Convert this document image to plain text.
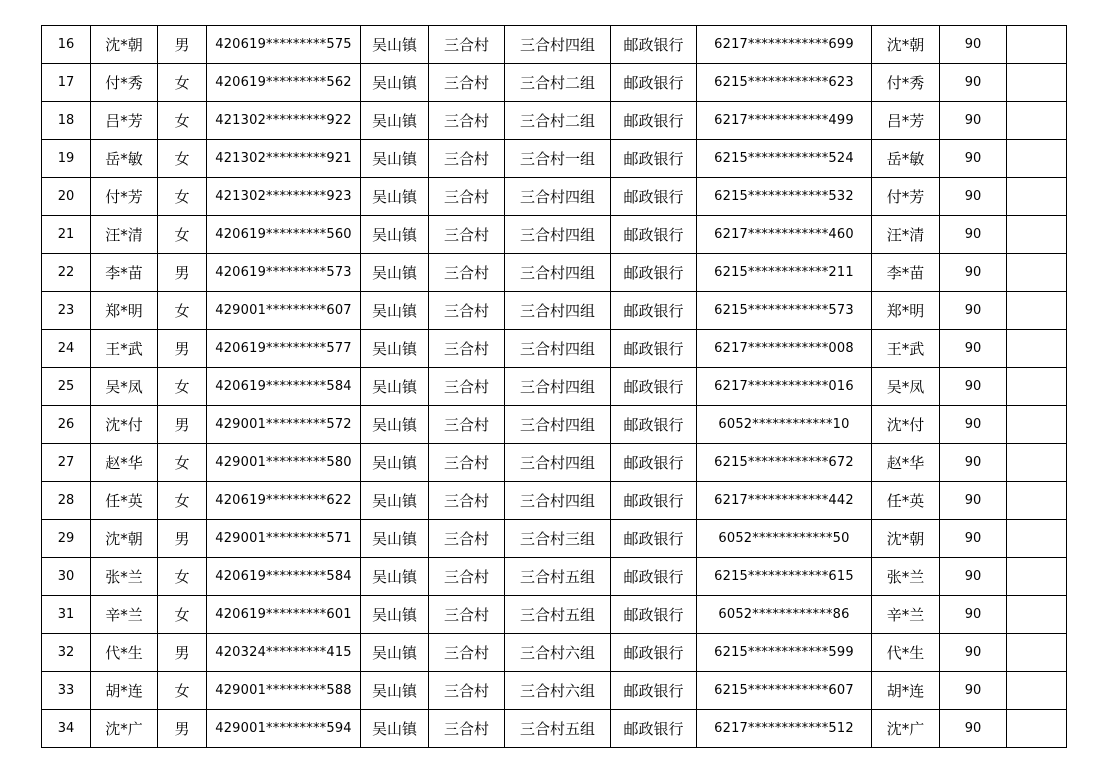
16	沈*朝	男	420619*********575	吴山镇	三合村	三合村四组	邮政银行	6217************699	沈*朝	90	
17	付*秀	女	420619*********562	吴山镇	三合村	三合村二组	邮政银行	6215************623	付*秀	90	
18	吕*芳	女	421302*********922	吴山镇	三合村	三合村二组	邮政银行	6217************499	吕*芳	90	
19	岳*敏	女	421302*********921	吴山镇	三合村	三合村一组	邮政银行	6215************524	岳*敏	90	
20	付*芳	女	421302*********923	吴山镇	三合村	三合村四组	邮政银行	6215************532	付*芳	90	
21	汪*清	女	420619*********560	吴山镇	三合村	三合村四组	邮政银行	6217************460	汪*清	90	
22	李*苗	男	420619*********573	吴山镇	三合村	三合村四组	邮政银行	6215************211	李*苗	90	
23	郑*明	女	429001*********607	吴山镇	三合村	三合村四组	邮政银行	6215************573	郑*明	90	
24	王*武	男	420619*********577	吴山镇	三合村	三合村四组	邮政银行	6217************008	王*武	90	
25	吴*凤	女	420619*********584	吴山镇	三合村	三合村四组	邮政银行	6217************016	吴*凤	90	
26	沈*付	男	429001*********572	吴山镇	三合村	三合村四组	邮政银行	6052************10	沈*付	90	
27	赵*华	女	429001*********580	吴山镇	三合村	三合村四组	邮政银行	6215************672	赵*华	90	
28	任*英	女	420619*********622	吴山镇	三合村	三合村四组	邮政银行	6217************442	任*英	90	
29	沈*朝	男	429001*********571	吴山镇	三合村	三合村三组	邮政银行	6052************50	沈*朝	90	
30	张*兰	女	420619*********584	吴山镇	三合村	三合村五组	邮政银行	6215************615	张*兰	90	
31	辛*兰	女	420619*********601	吴山镇	三合村	三合村五组	邮政银行	6052************86	辛*兰	90	
32	代*生	男	420324*********415	吴山镇	三合村	三合村六组	邮政银行	6215************599	代*生	90	
33	胡*连	女	429001*********588	吴山镇	三合村	三合村六组	邮政银行	6215************607	胡*连	90	
34	沈*广	男	429001*********594	吴山镇	三合村	三合村五组	邮政银行	6217************512	沈*广	90	
